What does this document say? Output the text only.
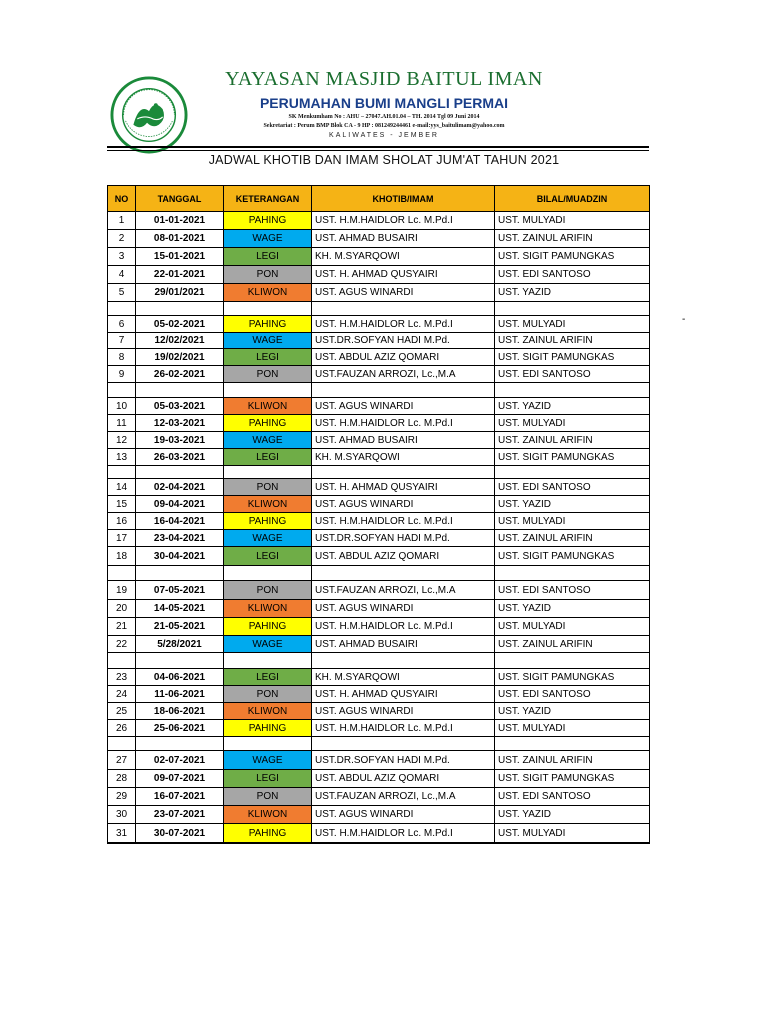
YAYASAN MASJID BAITUL IMAN
PERUMAHAN BUMI MANGLI PERMAI
SK Menkumham No : AHU – 27047.AH.01.04 – TH. 2014 Tgl 09 Juni 2014
Sekretariat : Perum BMP Blok CA - 9 HP : 081249244461 e-mail:yys_baitulimam@yahoo.com
KALIWATES - JEMBER
JADWAL KHOTIB DAN IMAM SHOLAT JUM'AT TAHUN 2021
-
NO	TANGGAL	KETERANGAN	KHOTIB/IMAM	BILAL/MUADZIN
1	01-01-2021	PAHING	UST. H.M.HAIDLOR Lc. M.Pd.I	UST. MULYADI
2	08-01-2021	WAGE	UST. AHMAD BUSAIRI	UST. ZAINUL ARIFIN
3	15-01-2021	LEGI	KH. M.SYARQOWI	UST. SIGIT PAMUNGKAS
4	22-01-2021	PON	UST. H. AHMAD QUSYAIRI	UST. EDI SANTOSO
5	29/01/2021	KLIWON	UST. AGUS WINARDI	UST. YAZID

6	05-02-2021	PAHING	UST. H.M.HAIDLOR Lc. M.Pd.I	UST. MULYADI
7	12/02/2021	WAGE	UST.DR.SOFYAN HADI M.Pd.	UST. ZAINUL ARIFIN
8	19/02/2021	LEGI	UST. ABDUL AZIZ QOMARI	UST. SIGIT PAMUNGKAS
9	26-02-2021	PON	UST.FAUZAN ARROZI, Lc.,M.A	UST. EDI SANTOSO

10	05-03-2021	KLIWON	UST. AGUS WINARDI	UST. YAZID
11	12-03-2021	PAHING	UST. H.M.HAIDLOR Lc. M.Pd.I	UST. MULYADI
12	19-03-2021	WAGE	UST. AHMAD BUSAIRI	UST. ZAINUL ARIFIN
13	26-03-2021	LEGI	KH. M.SYARQOWI	UST. SIGIT PAMUNGKAS

14	02-04-2021	PON	UST. H. AHMAD QUSYAIRI	UST. EDI SANTOSO
15	09-04-2021	KLIWON	UST. AGUS WINARDI	UST. YAZID
16	16-04-2021	PAHING	UST. H.M.HAIDLOR Lc. M.Pd.I	UST. MULYADI
17	23-04-2021	WAGE	UST.DR.SOFYAN HADI M.Pd.	UST. ZAINUL ARIFIN
18	30-04-2021	LEGI	UST. ABDUL AZIZ QOMARI	UST. SIGIT PAMUNGKAS

19	07-05-2021	PON	UST.FAUZAN ARROZI, Lc.,M.A	UST. EDI SANTOSO
20	14-05-2021	KLIWON	UST. AGUS WINARDI	UST. YAZID
21	21-05-2021	PAHING	UST. H.M.HAIDLOR Lc. M.Pd.I	UST. MULYADI
22	5/28/2021	WAGE	UST. AHMAD BUSAIRI	UST. ZAINUL ARIFIN

23	04-06-2021	LEGI	KH. M.SYARQOWI	UST. SIGIT PAMUNGKAS
24	11-06-2021	PON	UST. H. AHMAD QUSYAIRI	UST. EDI SANTOSO
25	18-06-2021	KLIWON	UST. AGUS WINARDI	UST. YAZID
26	25-06-2021	PAHING	UST. H.M.HAIDLOR Lc. M.Pd.I	UST. MULYADI

27	02-07-2021	WAGE	UST.DR.SOFYAN HADI M.Pd.	UST. ZAINUL ARIFIN
28	09-07-2021	LEGI	UST. ABDUL AZIZ QOMARI	UST. SIGIT PAMUNGKAS
29	16-07-2021	PON	UST.FAUZAN ARROZI, Lc.,M.A	UST. EDI SANTOSO
30	23-07-2021	KLIWON	UST. AGUS WINARDI	UST. YAZID
31	30-07-2021	PAHING	UST. H.M.HAIDLOR Lc. M.Pd.I	UST. MULYADI
